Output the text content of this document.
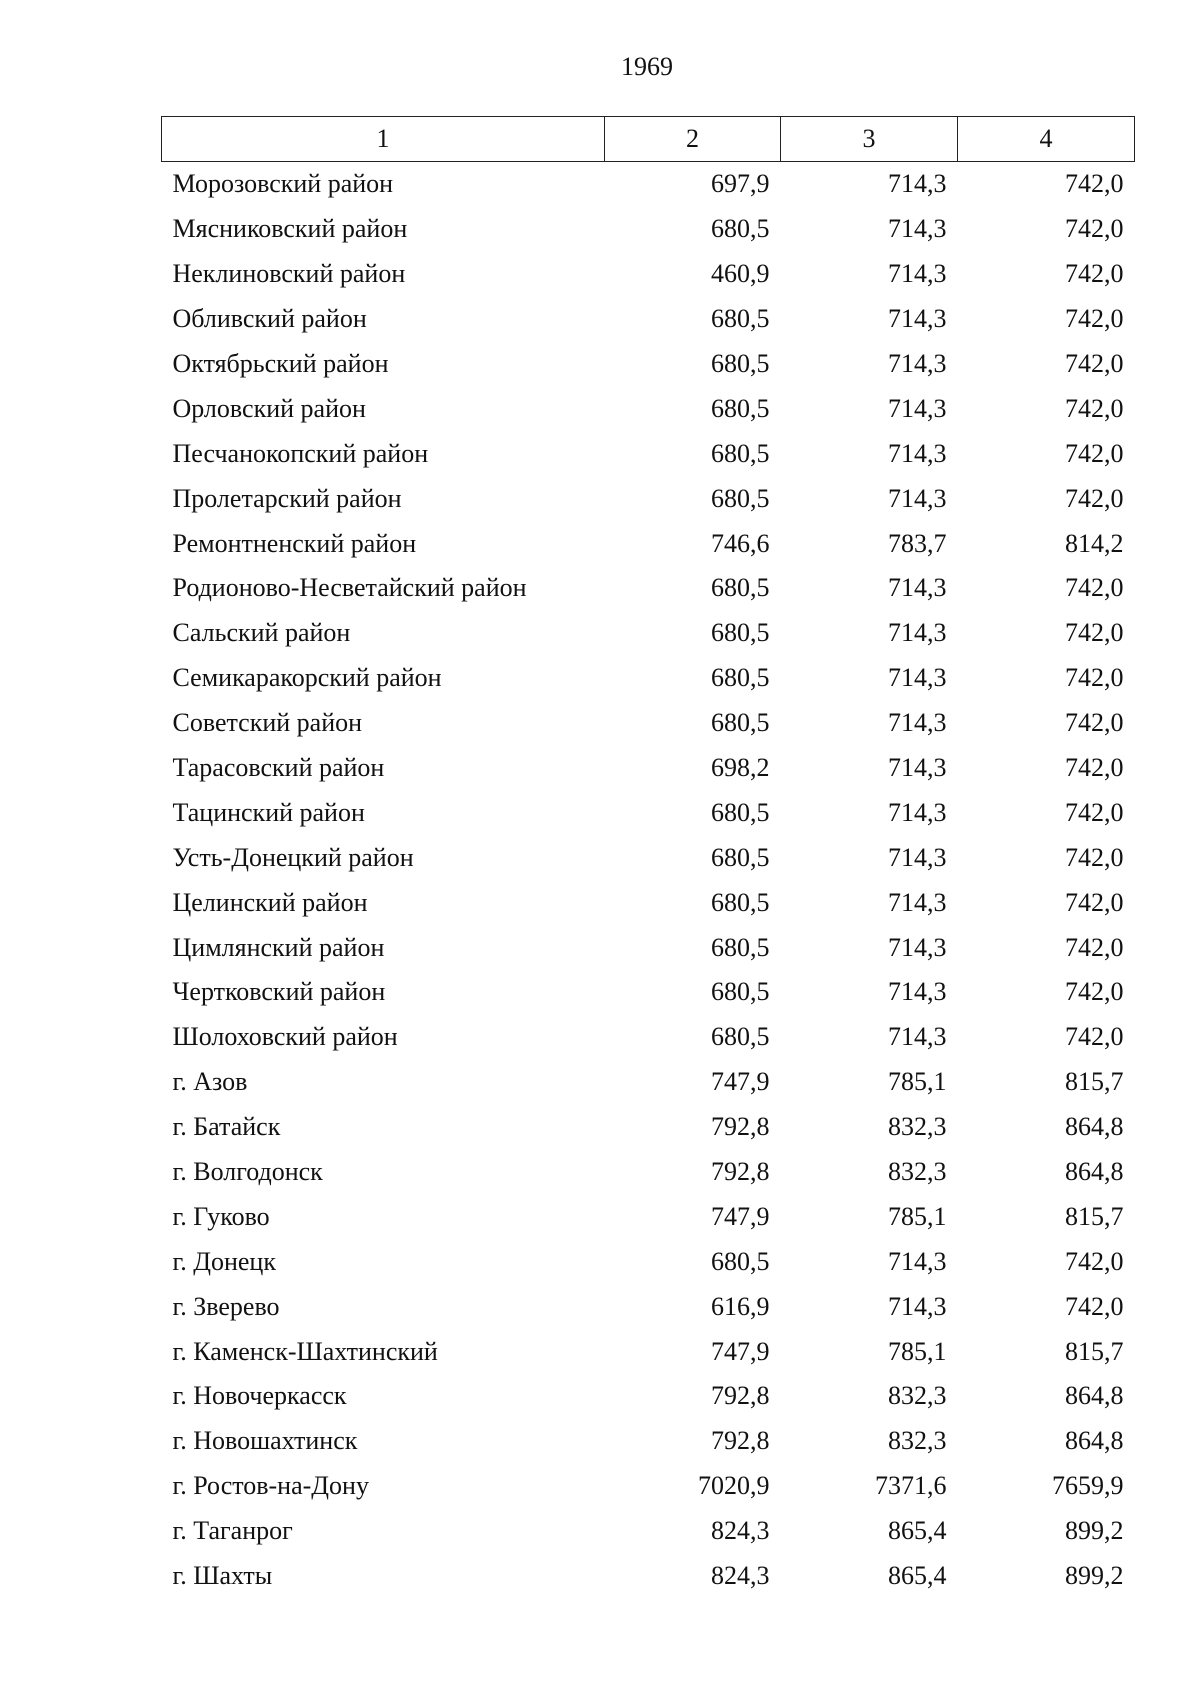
1969
1	2	3	4
Морозовский район	697,9	714,3	742,0
Мясниковский район	680,5	714,3	742,0
Неклиновский район	460,9	714,3	742,0
Обливский район	680,5	714,3	742,0
Октябрьский район	680,5	714,3	742,0
Орловский район	680,5	714,3	742,0
Песчанокопский район	680,5	714,3	742,0
Пролетарский район	680,5	714,3	742,0
Ремонтненский район	746,6	783,7	814,2
Родионово-Несветайский район	680,5	714,3	742,0
Сальский район	680,5	714,3	742,0
Семикаракорский район	680,5	714,3	742,0
Советский район	680,5	714,3	742,0
Тарасовский район	698,2	714,3	742,0
Тацинский район	680,5	714,3	742,0
Усть-Донецкий район	680,5	714,3	742,0
Целинский район	680,5	714,3	742,0
Цимлянский район	680,5	714,3	742,0
Чертковский район	680,5	714,3	742,0
Шолоховский район	680,5	714,3	742,0
г. Азов	747,9	785,1	815,7
г. Батайск	792,8	832,3	864,8
г. Волгодонск	792,8	832,3	864,8
г. Гуково	747,9	785,1	815,7
г. Донецк	680,5	714,3	742,0
г. Зверево	616,9	714,3	742,0
г. Каменск-Шахтинский	747,9	785,1	815,7
г. Новочеркасск	792,8	832,3	864,8
г. Новошахтинск	792,8	832,3	864,8
г. Ростов-на-Дону	7020,9	7371,6	7659,9
г. Таганрог	824,3	865,4	899,2
г. Шахты	824,3	865,4	899,2
